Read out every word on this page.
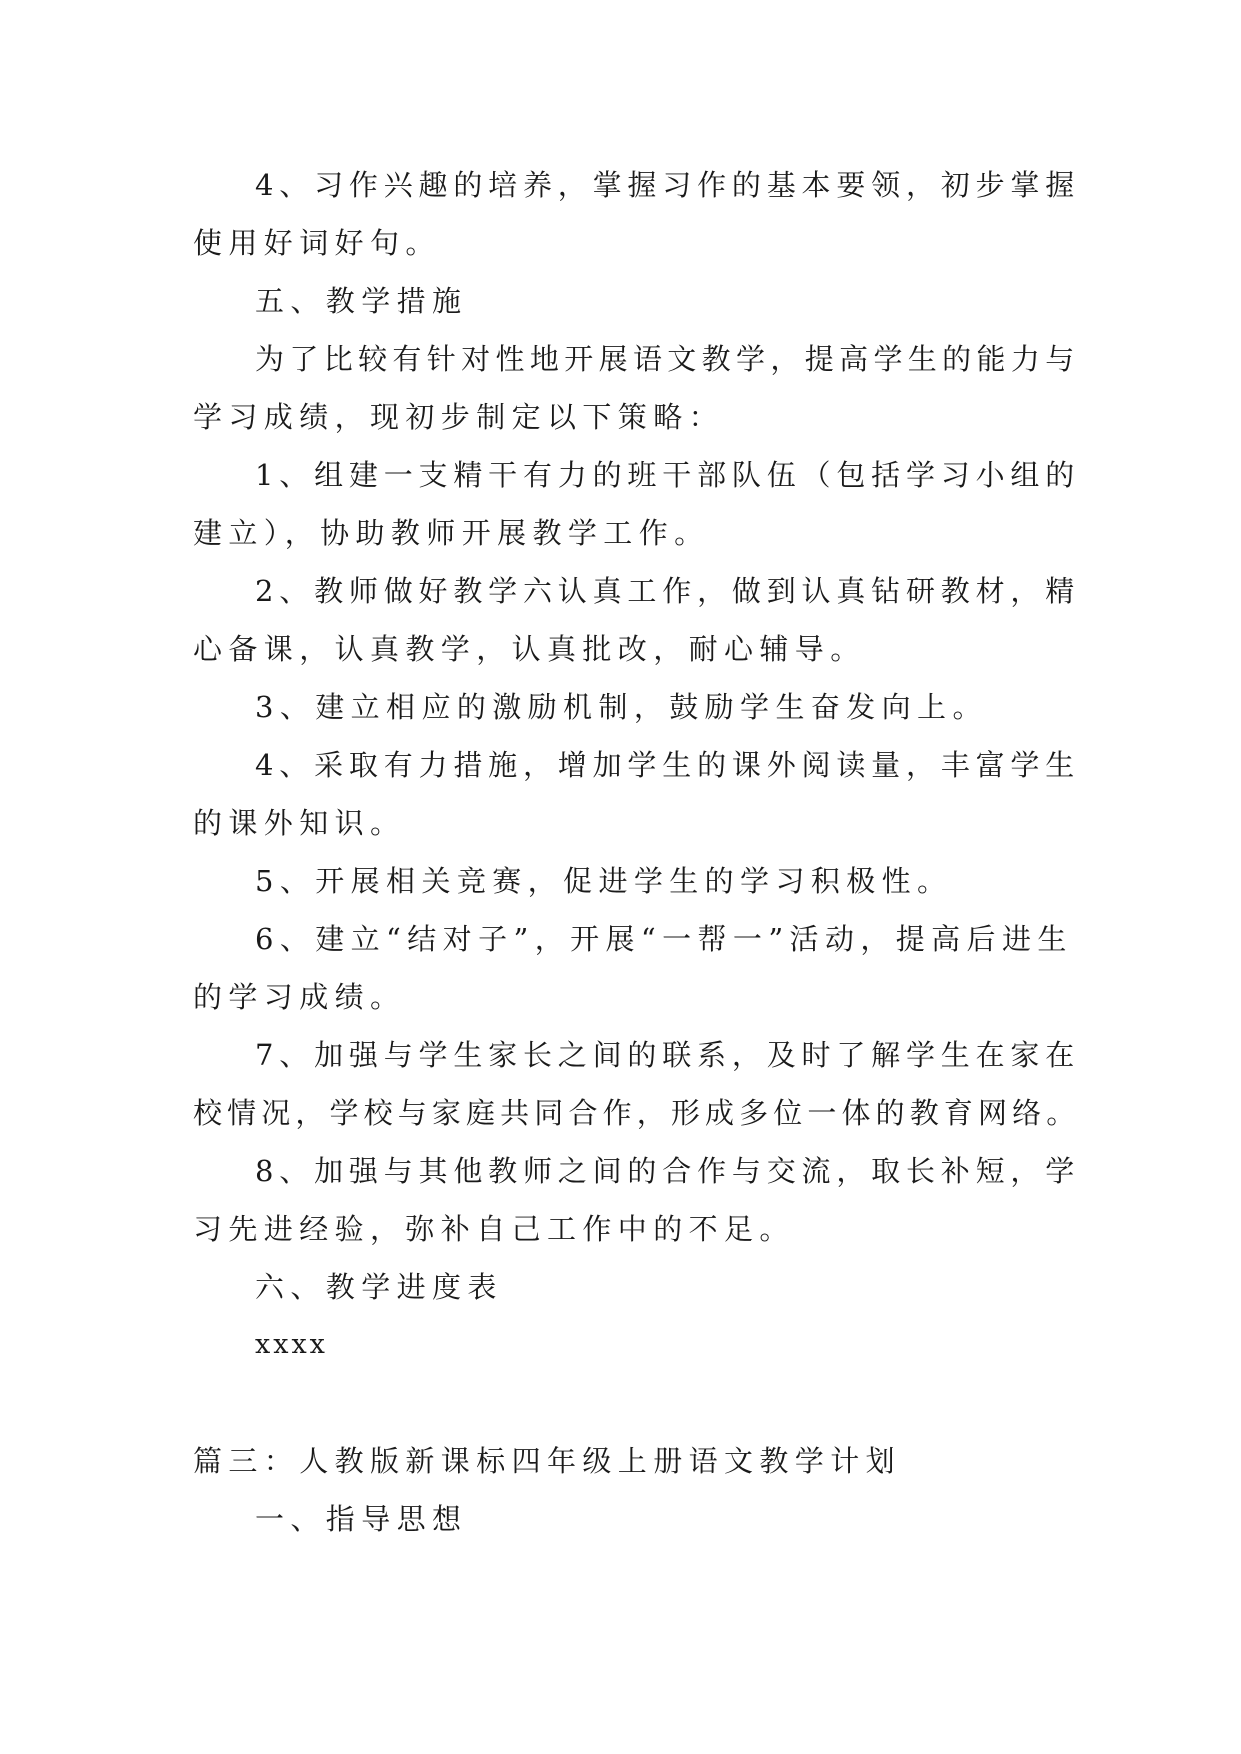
4、习作兴趣的培养，掌握习作的基本要领，初步掌握
使用好词好句。
五、教学措施
为了比较有针对性地开展语文教学，提高学生的能力与
学习成绩，现初步制定以下策略：
1、组建一支精干有力的班干部队伍（包括学习小组的
建立），协助教师开展教学工作。
2、教师做好教学六认真工作，做到认真钻研教材，精
心备课，认真教学，认真批改，耐心辅导。
3、建立相应的激励机制，鼓励学生奋发向上。
4、采取有力措施，增加学生的课外阅读量，丰富学生
的课外知识。
5、开展相关竞赛，促进学生的学习积极性。
6、建立“结对子”，开展“一帮一”活动，提高后进生
的学习成绩。
7、加强与学生家长之间的联系，及时了解学生在家在
校情况，学校与家庭共同合作，形成多位一体的教育网络。
8、加强与其他教师之间的合作与交流，取长补短，学
习先进经验，弥补自己工作中的不足。
六、教学进度表
xxxx
篇三：人教版新课标四年级上册语文教学计划
一、指导思想
